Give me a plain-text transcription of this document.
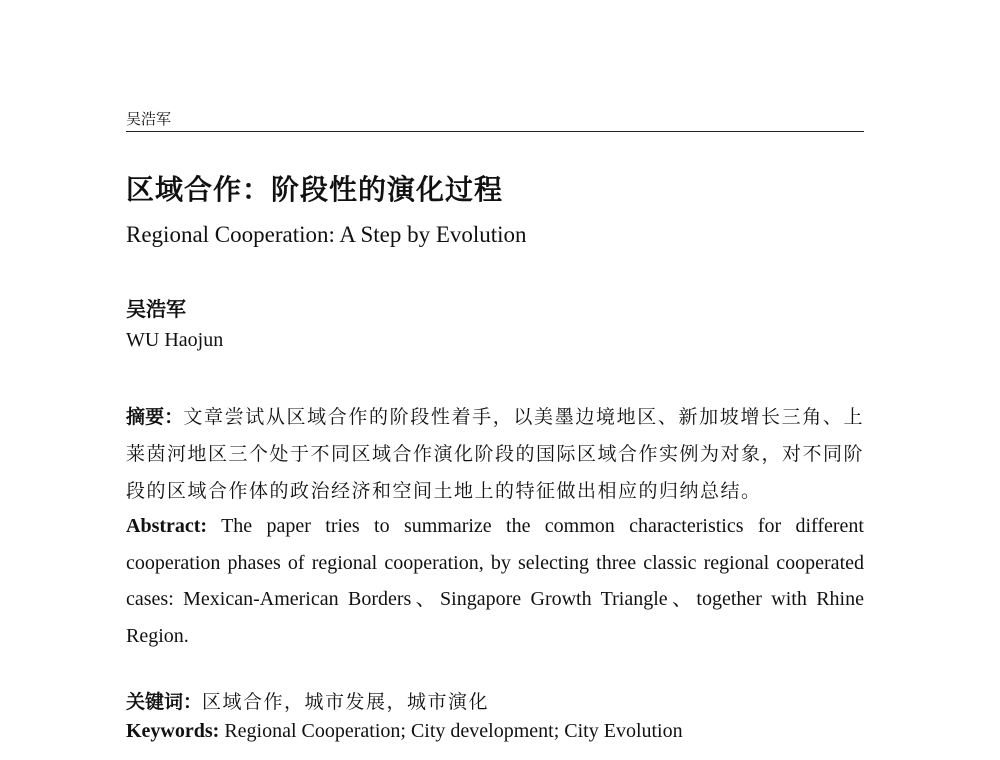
吴浩军
区域合作：阶段性的演化过程
Regional Cooperation: A Step by Evolution
吴浩军
WU Haojun
摘要：文章尝试从区域合作的阶段性着手，以美墨边境地区、新加坡增长三角、上莱茵河地区三个处于不同区域合作演化阶段的国际区域合作实例为对象，对不同阶段的区域合作体的政治经济和空间土地上的特征做出相应的归纳总结。
Abstract: The paper tries to summarize the common characteristics for different cooperation phases of regional cooperation, by selecting three classic regional cooperated cases: Mexican-American Borders、Singapore Growth Triangle、together with Rhine Region.
关键词：区域合作，城市发展，城市演化
Keywords: Regional Cooperation; City development; City Evolution
